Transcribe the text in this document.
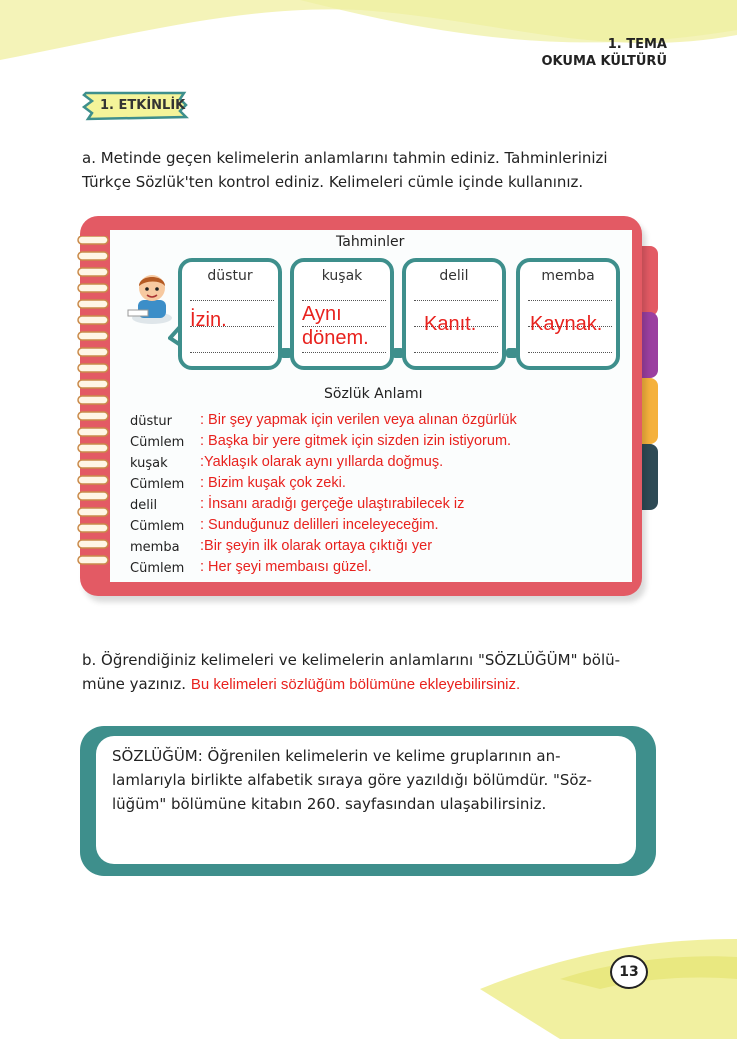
1. TEMA
OKUMA KÜLTÜRÜ
1. ETKİNLİK
a. Metinde geçen kelimelerin anlamlarını tahmin ediniz. Tahminlerinizi
Türkçe Sözlük'ten kontrol ediniz. Kelimeleri cümle içinde kullanınız.
Tahminler
düstur
İzin.
kuşak
Aynı dönem.
delil
Kanıt.
memba
Kaynak.
Sözlük Anlamı
düstur	: Bir şey yapmak için verilen veya alınan özgürlük
Cümlem	: Başka bir yere gitmek için sizden izin istiyorum.
kuşak	:Yaklaşık olarak aynı yıllarda doğmuş.
Cümlem	: Bizim kuşak çok zeki.
delil	: İnsanı aradığı gerçeğe ulaştırabilecek iz
Cümlem	: Sunduğunuz delilleri inceleyeceğim.
memba	:Bir şeyin ilk olarak ortaya çıktığı yer
Cümlem	: Her şeyi membaısı güzel.
b. Öğrendiğiniz kelimeleri ve kelimelerin anlamlarını "SÖZLÜĞÜM" bölü-
müne yazınız. Bu kelimeleri sözlüğüm bölümüne ekleyebilirsiniz.
SÖZLÜĞÜM: Öğrenilen kelimelerin ve kelime gruplarının an-
lamlarıyla birlikte alfabetik sıraya göre yazıldığı bölümdür. "Söz-
lüğüm" bölümüne kitabın 260. sayfasından ulaşabilirsiniz.
13
